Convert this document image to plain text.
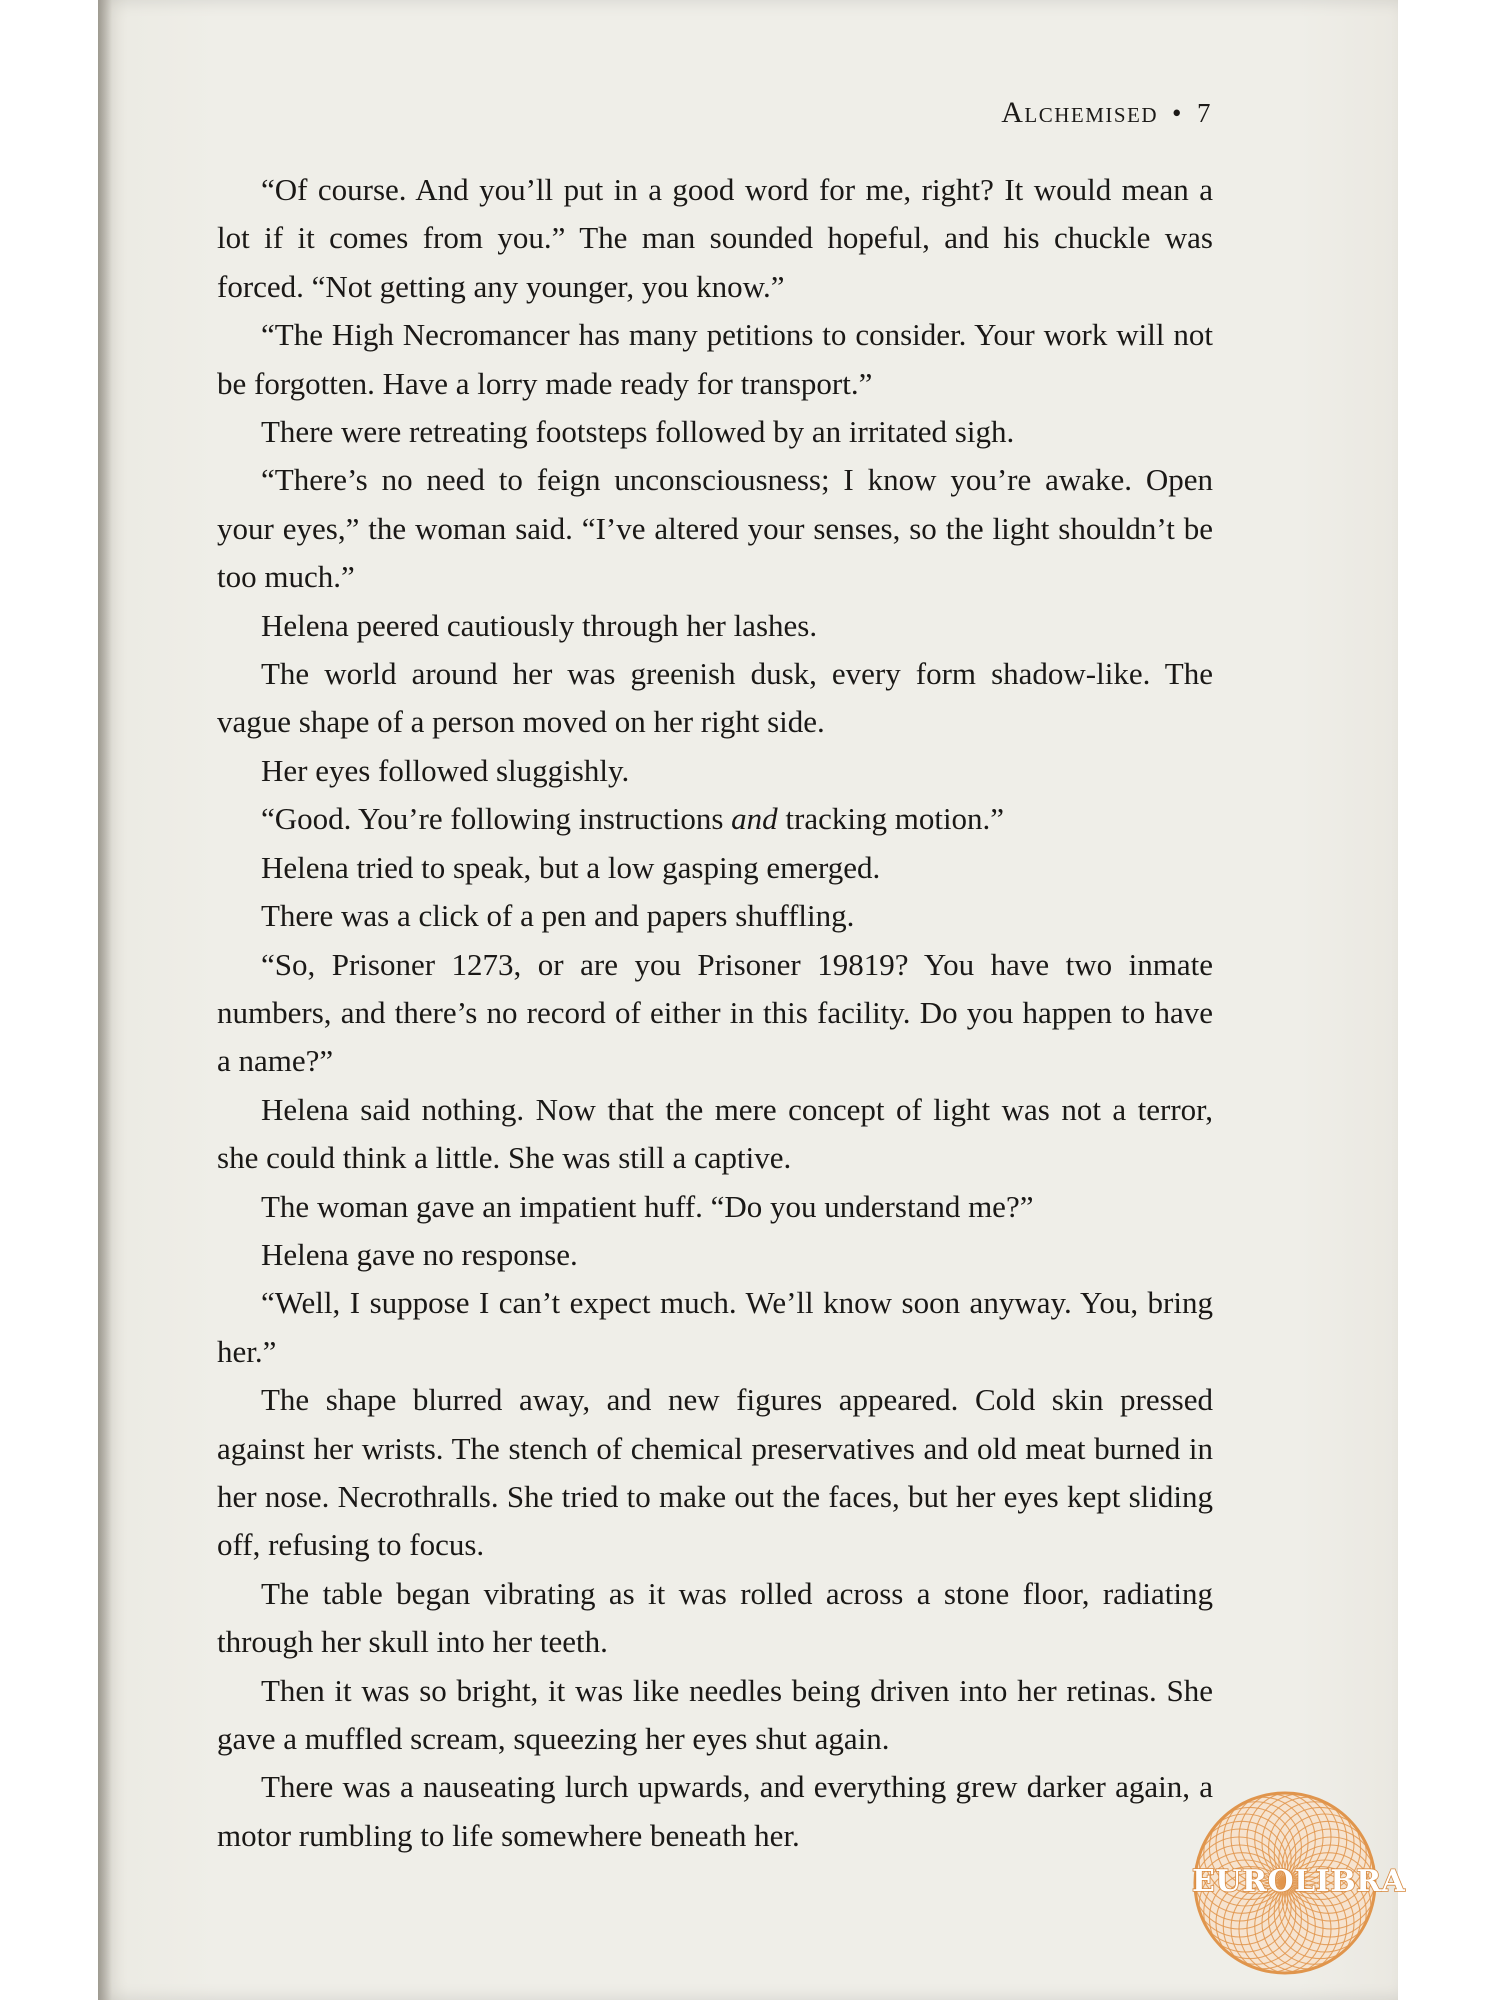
Alchemised • 7

“Of course. And you’ll put in a good word for me, right? It would mean a lot if it comes from you.” The man sounded hopeful, and his chuckle was forced. “Not getting any younger, you know.”

“The High Necromancer has many petitions to consider. Your work will not be forgotten. Have a lorry made ready for transport.”

There were retreating footsteps followed by an irritated sigh.

“There’s no need to feign unconsciousness; I know you’re awake. Open your eyes,” the woman said. “I’ve altered your senses, so the light shouldn’t be too much.”

Helena peered cautiously through her lashes.

The world around her was greenish dusk, every form shadow-like. The vague shape of a person moved on her right side.

Her eyes followed sluggishly.

“Good. You’re following instructions and tracking motion.”

Helena tried to speak, but a low gasping emerged.

There was a click of a pen and papers shuffling.

“So, Prisoner 1273, or are you Prisoner 19819? You have two inmate numbers, and there’s no record of either in this facility. Do you happen to have a name?”

Helena said nothing. Now that the mere concept of light was not a terror, she could think a little. She was still a captive.

The woman gave an impatient huff. “Do you understand me?”

Helena gave no response.

“Well, I suppose I can’t expect much. We’ll know soon anyway. You, bring her.”

The shape blurred away, and new figures appeared. Cold skin pressed against her wrists. The stench of chemical preservatives and old meat burned in her nose. Necrothralls. She tried to make out the faces, but her eyes kept sliding off, refusing to focus.

The table began vibrating as it was rolled across a stone floor, radiating through her skull into her teeth.

Then it was so bright, it was like needles being driven into her retinas. She gave a muffled scream, squeezing her eyes shut again.

There was a nauseating lurch upwards, and everything grew darker again, a motor rumbling to life somewhere beneath her.

EUROLIBRA
